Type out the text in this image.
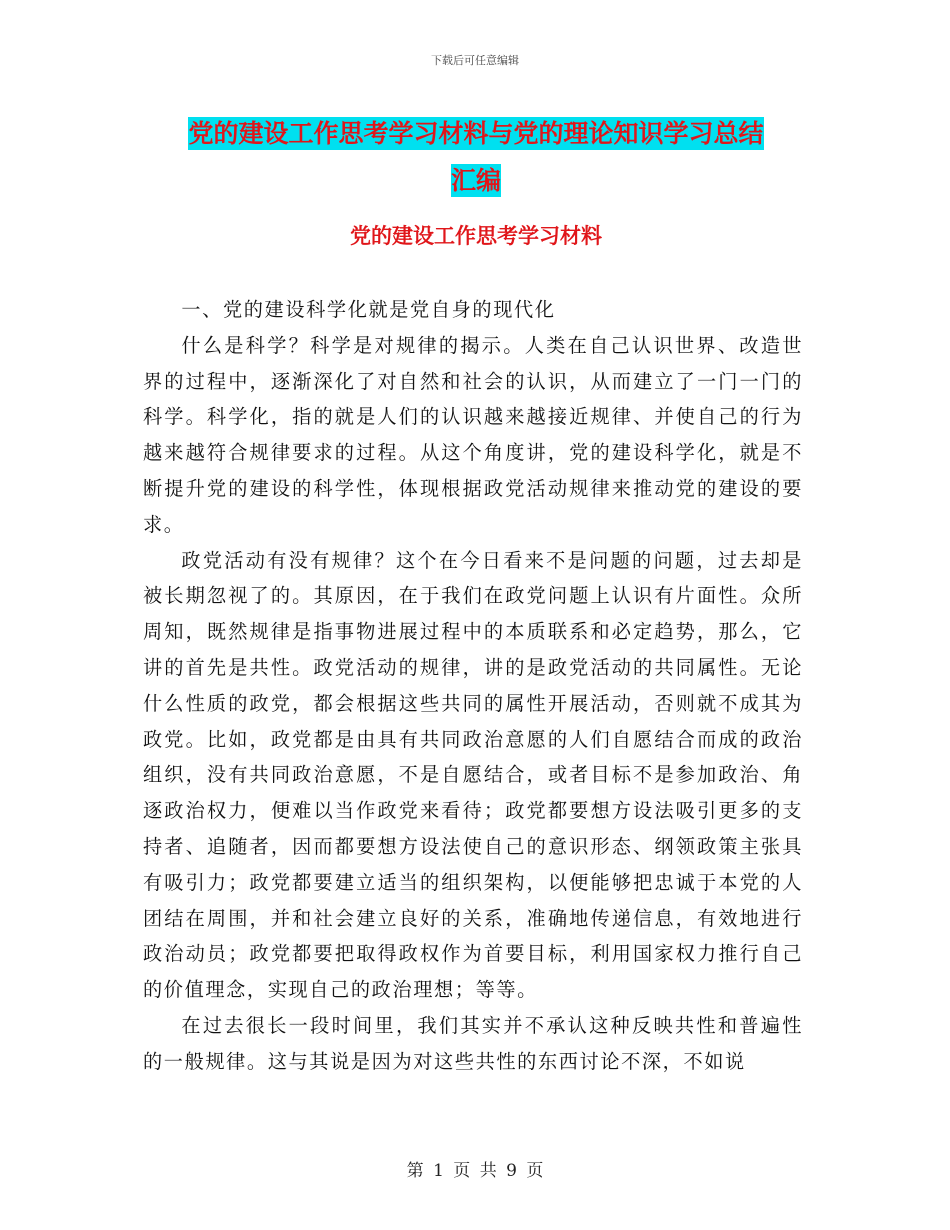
下载后可任意编辑
党的建设工作思考学习材料与党的理论知识学习总结
汇编
党的建设工作思考学习材料

一、党的建设科学化就是党自身的现代化

什么是科学？科学是对规律的揭示。人类在自己认识世界、改造世界的过程中，逐渐深化了对自然和社会的认识，从而建立了一门一门的科学。科学化，指的就是人们的认识越来越接近规律、并使自己的行为越来越符合规律要求的过程。从这个角度讲，党的建设科学化，就是不断提升党的建设的科学性，体现根据政党活动规律来推动党的建设的要求。

政党活动有没有规律？这个在今日看来不是问题的问题，过去却是被长期忽视了的。其原因，在于我们在政党问题上认识有片面性。众所周知，既然规律是指事物进展过程中的本质联系和必定趋势，那么，它讲的首先是共性。政党活动的规律，讲的是政党活动的共同属性。无论什么性质的政党，都会根据这些共同的属性开展活动，否则就不成其为政党。比如，政党都是由具有共同政治意愿的人们自愿结合而成的政治组织，没有共同政治意愿，不是自愿结合，或者目标不是参加政治、角逐政治权力，便难以当作政党来看待；政党都要想方设法吸引更多的支持者、追随者，因而都要想方设法使自己的意识形态、纲领政策主张具有吸引力；政党都要建立适当的组织架构，以便能够把忠诚于本党的人团结在周围，并和社会建立良好的关系，准确地传递信息，有效地进行政治动员；政党都要把取得政权作为首要目标，利用国家权力推行自己的价值理念，实现自己的政治理想；等等。

在过去很长一段时间里，我们其实并不承认这种反映共性和普遍性的一般规律。这与其说是因为对这些共性的东西讨论不深，不如说

第 1 页 共 9 页
